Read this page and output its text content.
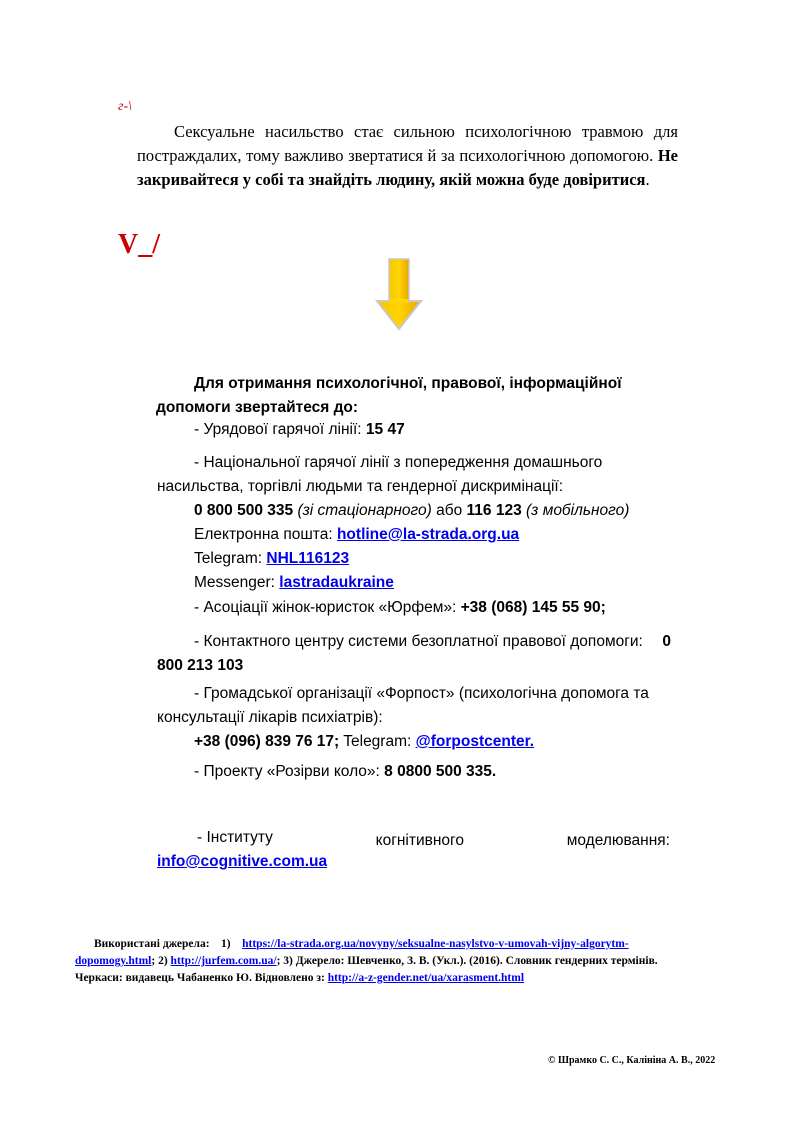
г-\
V_/

Сексуальне насильство стає сильною психологічною травмою для постраждалих, тому важливо звертатися й за психологічною допомогою. Не закривайтеся у собі та знайдіть людину, якій можна буде довіритися.

Для отримання психологічної, правової, інформаційної
допомоги звертайтеся до:
- Урядової гарячої лінії: 15 47
- Національної гарячої лінії з попередження домашнього
насильства, торгівлі людьми та гендерної дискримінації:
0 800 500 335 (зі стаціонарного) або 116 123 (з мобільного)
Електронна пошта: hotline@la-strada.org.ua
Telegram: NHL116123
Messenger: lastradaukraine
- Асоціації жінок-юристок «Юрфем»: +38 (068) 145 55 90;
- Контактного центру системи безоплатної правової допомоги: 0
800 213 103
- Громадської організації «Форпост» (психологічна допомога та
консультації лікарів психіатрів):
+38 (096) 839 76 17; Telegram: @forpostcenter.
- Проекту «Розірви коло»: 8 0800 500 335.
- Інституту	когнітивного	моделювання:
info@cognitive.com.ua
Використані джерела: 1) https://la-strada.org.ua/novyny/seksualne-nasylstvo-v-umovah-vijny-algorytm-
dopomogy.html; 2) http://jurfem.com.ua/; 3) Джерело: Шевченко, З. В. (Укл.). (2016). Словник гендерних термінів.
Черкаси: видавець Чабаненко Ю. Відновлено з: http://a-z-gender.net/ua/xarasment.html
© Шрамко С. С., Калініна А. В., 2022
